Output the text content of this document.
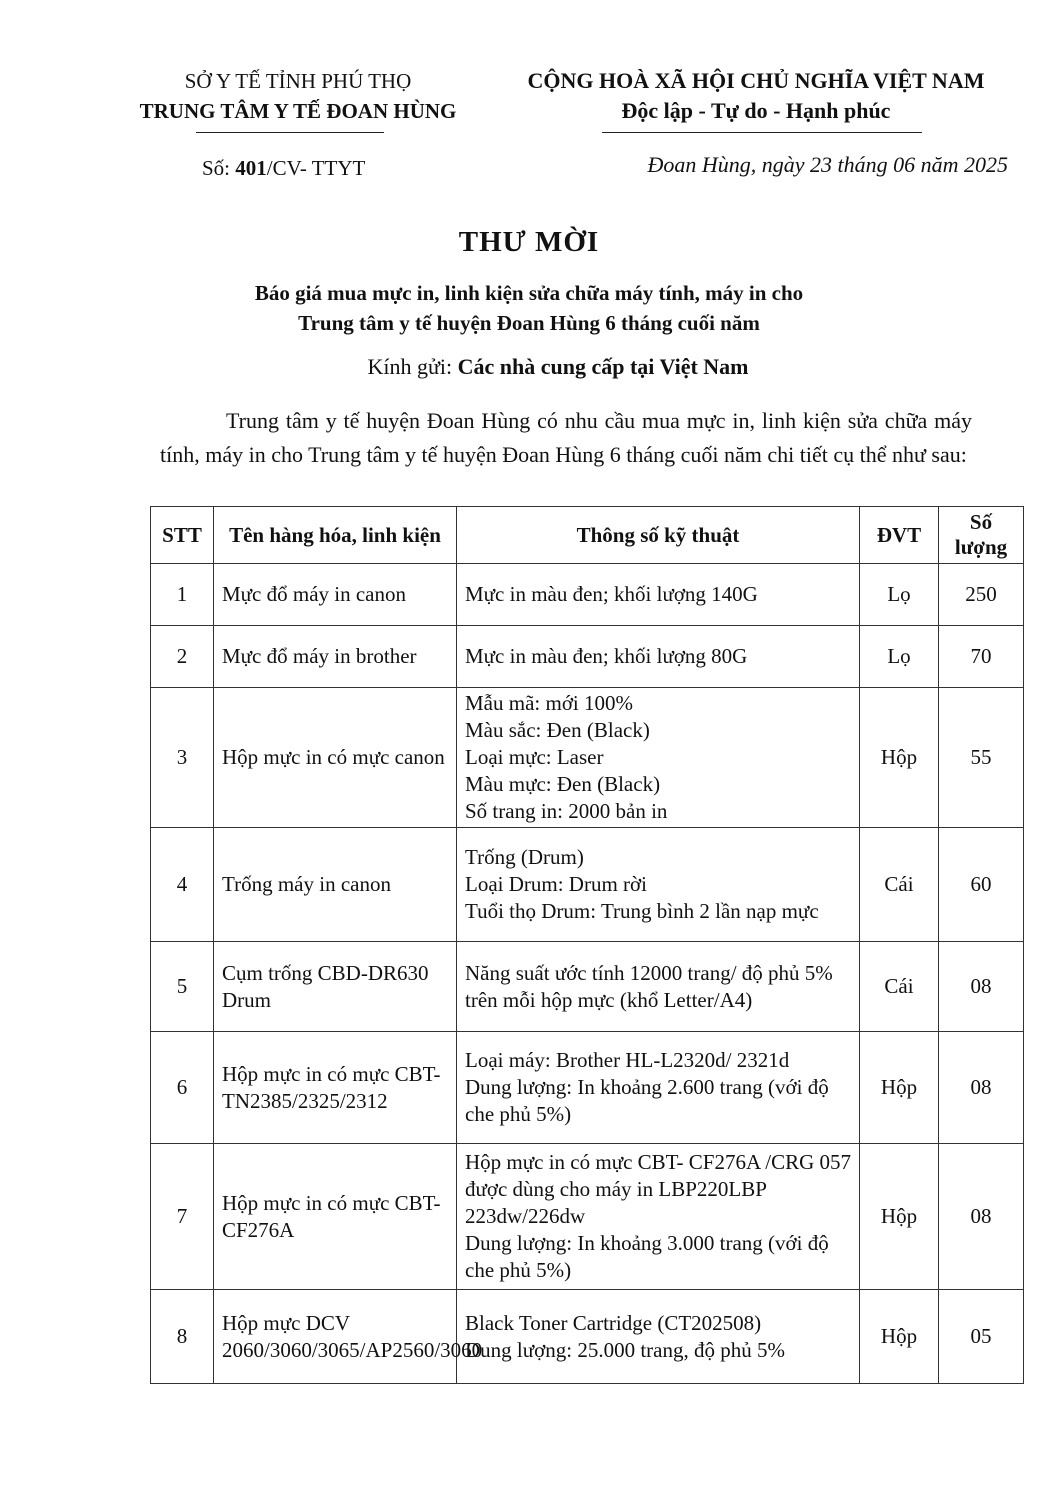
SỞ Y TẾ TỈNH PHÚ THỌ
TRUNG TÂM Y TẾ ĐOAN HÙNG
CỘNG HOÀ XÃ HỘI CHỦ NGHĨA VIỆT NAM
Độc lập - Tự do - Hạnh phúc
Số: 401/CV- TTYT	Đoan Hùng, ngày 23 tháng 06 năm 2025
THƯ MỜI
Báo giá mua mực in, linh kiện sửa chữa máy tính, máy in cho
Trung tâm y tế huyện Đoan Hùng 6 tháng cuối năm
Kính gửi: Các nhà cung cấp tại Việt Nam
Trung tâm y tế huyện Đoan Hùng có nhu cầu mua mực in, linh kiện sửa chữa máy tính, máy in cho Trung tâm y tế huyện Đoan Hùng 6 tháng cuối năm chi tiết cụ thể như sau:
STT	Tên hàng hóa, linh kiện	Thông số kỹ thuật	ĐVT	Số lượng
1	Mực đổ máy in canon	Mực in màu đen; khối lượng 140G	Lọ	250
2	Mực đổ máy in brother	Mực in màu đen; khối lượng 80G	Lọ	70
3	Hộp mực in có mực canon	Mẫu mã: mới 100%
Màu sắc: Đen (Black)
Loại mực: Laser
Màu mực: Đen (Black)
Số trang in: 2000 bản in	Hộp	55
4	Trống máy in canon	Trống (Drum)
Loại Drum: Drum rời
Tuổi thọ Drum: Trung bình 2 lần nạp mực	Cái	60
5	Cụm trống CBD-DR630 Drum	Năng suất ước tính 12000 trang/ độ phủ 5% trên mỗi hộp mực (khổ Letter/A4)	Cái	08
6	Hộp mực in có mực CBT-TN2385/2325/2312	Loại máy: Brother HL-L2320d/ 2321d
Dung lượng: In khoảng 2.600 trang (với độ che phủ 5%)	Hộp	08
7	Hộp mực in có mực CBT-CF276A	Hộp mực in có mực CBT- CF276A /CRG 057 được dùng cho máy in LBP220LBP 223dw/226dw
Dung lượng: In khoảng 3.000 trang (với độ che phủ 5%)	Hộp	08
8	Hộp mực DCV 2060/3060/3065/AP2560/3060	Black Toner Cartridge (CT202508)
Dung lượng: 25.000 trang, độ phủ 5%	Hộp	05
